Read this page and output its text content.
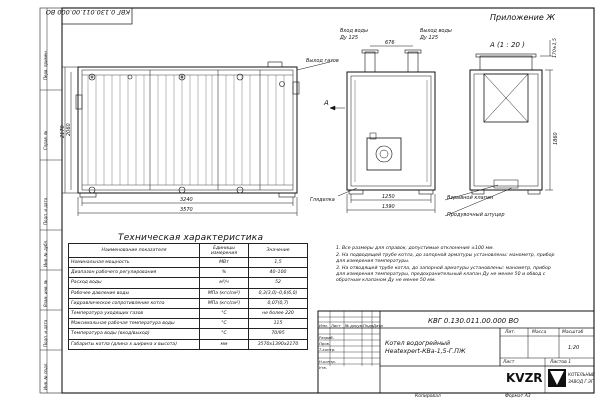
Приложение Ж
КВГ 0.130.011.00.000 ВО
Вход воды
Ду 125
Выход воды
Ду 125
Выход газов
А (1 : 20 )
А
Гляделка	Взрывной клапан
Продувочный штуцер
3240
3570
2170 2060
676
1250
1390
170±1,5
1860
Техническая характеристика
Наименование показателя	Единицы измерения	Значение
Номинальная мощность	МВт	1,5
Диапазон рабочего регулирования	%	40–100
Расход воды	м³/ч	52
Рабочее давление воды	МПа (кгс/см²)	0,3(3,0)–0,6(6,0)
Гидравлическое сопротивление котла	МПа (кгс/см²)	0,07(0,7)
Температура уходящих газов	°С	не более 220
Максимальная рабочая температура воды	°С	115
Температура воды (вход/выход)	°С	70/95
Габариты котла (длина х ширина х высота)	мм	3570х1390х2170
1. Все размеры для справок, допустимые отклонения ±100 мм.
2. На подводящей трубе котла, до запорной арматуры установлены: манометр, прибор для измерения температуры.
3. На отводящей трубе котла, до запорной арматуры установлены: манометр, прибор для измерения температуры, предохранительный клапан Ду не менее 50 и обвод с обратным клапаном Ду не менее 50 мм.
КВГ 0.130.011.00.000 ВО
Котел водогрейный
Heatexpert-КВа-1,5-Г.ПЖ
Лит.	Масса	Масштаб
1:20
Лист	Листов 1
Изм.
Разраб.
Пров.
Т.контр.
Н.контр.
Утв.
Лист № докум. Подп.
Дата
KVZR	КОТЕЛЬНЫЕ
ЗАВОД Г.ЭГ
Копировал	Формат А3
Перв. примен.
Справ. №
Подп. и дата
Инв. № дубл.
Взам. инв. №
Подп. и дата
Инв. № подл.
